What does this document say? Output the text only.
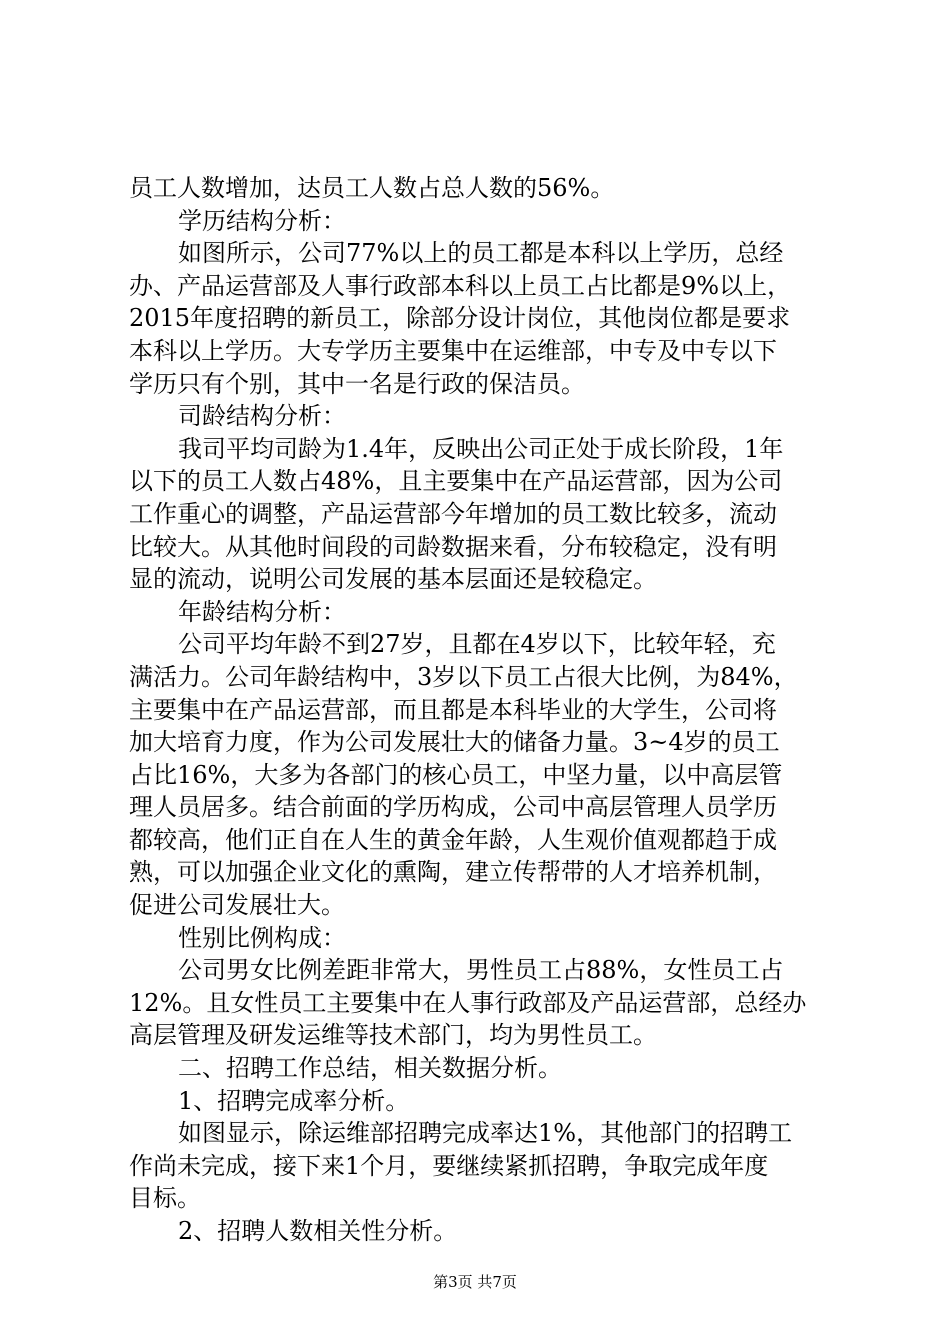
员工人数增加，达员工人数占总人数的56%。
学历结构分析：
如图所示，公司77%以上的员工都是本科以上学历，总经
办、产品运营部及人事行政部本科以上员工占比都是9%以上，
2015年度招聘的新员工，除部分设计岗位，其他岗位都是要求
本科以上学历。大专学历主要集中在运维部，中专及中专以下
学历只有个别，其中一名是行政的保洁员。
司龄结构分析：
我司平均司龄为1.4年，反映出公司正处于成长阶段，1年
以下的员工人数占48%，且主要集中在产品运营部，因为公司
工作重心的调整，产品运营部今年增加的员工数比较多，流动
比较大。从其他时间段的司龄数据来看，分布较稳定，没有明
显的流动，说明公司发展的基本层面还是较稳定。
年龄结构分析：
公司平均年龄不到27岁，且都在4岁以下，比较年轻，充
满活力。公司年龄结构中，3岁以下员工占很大比例，为84%，
主要集中在产品运营部，而且都是本科毕业的大学生，公司将
加大培育力度，作为公司发展壮大的储备力量。3~4岁的员工
占比16%，大多为各部门的核心员工，中坚力量，以中高层管
理人员居多。结合前面的学历构成，公司中高层管理人员学历
都较高，他们正自在人生的黄金年龄，人生观价值观都趋于成
熟，可以加强企业文化的熏陶，建立传帮带的人才培养机制，
促进公司发展壮大。
性别比例构成：
公司男女比例差距非常大，男性员工占88%，女性员工占
12%。且女性员工主要集中在人事行政部及产品运营部，总经办
高层管理及研发运维等技术部门，均为男性员工。
二、招聘工作总结，相关数据分析。
1、招聘完成率分析。
如图显示，除运维部招聘完成率达1%，其他部门的招聘工
作尚未完成，接下来1个月，要继续紧抓招聘，争取完成年度
目标。
2、招聘人数相关性分析。
第3页 共7页
